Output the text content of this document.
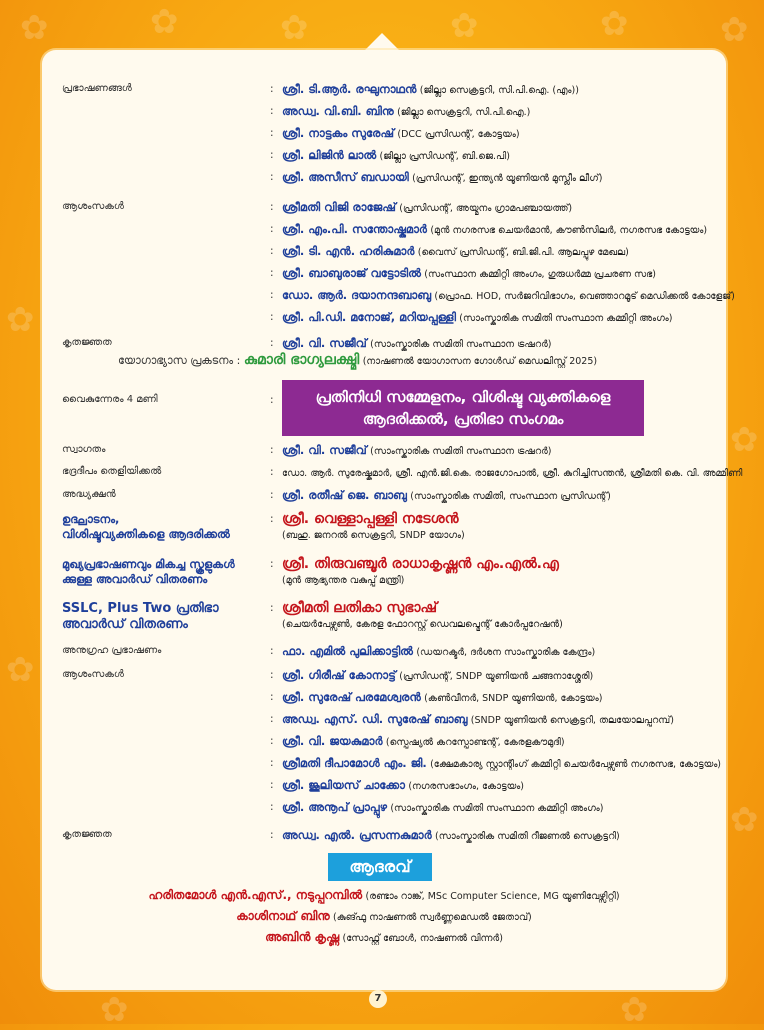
✿	✿	✿	✿	✿	✿
✿
✿
✿
✿
✿	✿
പ്രഭാഷണങ്ങൾ	: ശ്രീ. ടി.ആർ. രഘുനാഥൻ (ജില്ലാ സെക്രട്ടറി, സി.പി.ഐ. (എം))
: അഡ്വ. വി.ബി. ബിനു (ജില്ലാ സെക്രട്ടറി, സി.പി.ഐ.)
: ശ്രീ. നാട്ടകം സുരേഷ് (DCC പ്രസിഡന്റ്, കോട്ടയം)
: ശ്രീ. ലിജിൻ ലാൽ (ജില്ലാ പ്രസിഡന്റ്, ബി.ജെ.പി)
: ശ്രീ. അസീസ് ബഡായി (പ്രസിഡന്റ്, ഇന്ത്യൻ യൂണിയൻ മുസ്ലീം ലീഗ്)
ആശംസകൾ	: ശ്രീമതി വിജി രാജേഷ് (പ്രസിഡന്റ്, അയ്മനം ഗ്രാമപഞ്ചായത്ത്)
: ശ്രീ. എം.പി. സന്തോഷ്കുമാർ (മുൻ നഗരസഭ ചെയർമാൻ, കൗൺസിലർ, നഗരസഭ കോട്ടയം)
: ശ്രീ. ടി. എൻ. ഹരികുമാർ (വൈസ് പ്രസിഡന്റ്, ബി.ജി.പി. ആലപ്പുഴ മേഖല)
: ശ്രീ. ബാബുരാജ് വട്ടോടിൽ (സംസ്ഥാന കമ്മിറ്റി അംഗം, ഗുരുധർമ്മ പ്രചരണ സഭ)
: ഡോ. ആർ. ദയാനന്ദബാബു (പ്രൊഫ. HOD, സർജറിവിഭാഗം, വെഞ്ഞാറമൂട് മെഡിക്കൽ കോളേജ്)
: ശ്രീ. പി.ഡി. മനോജ്, മറിയപ്പള്ളി (സാംസ്കാരിക സമിതി സംസ്ഥാന കമ്മിറ്റി അംഗം)
കൃതജ്ഞത	: ശ്രീ. വി. സജീവ് (സാംസ്കാരിക സമിതി സംസ്ഥാന ട്രഷറർ)
യോഗാഭ്യാസ പ്രകടനം : കുമാരി ഭാഗ്യലക്ഷ്മി (നാഷണൽ യോഗാസന ഗോൾഡ് മെഡലിസ്റ്റ് 2025)
വൈകുന്നേരം 4 മണി	:	പ്രതിനിധി സമ്മേളനം, വിശിഷ്ട വ്യക്തികളെ
ആദരിക്കൽ, പ്രതിഭാ സംഗമം
സ്വാഗതം	: ശ്രീ. വി. സജീവ് (സാംസ്കാരിക സമിതി സംസ്ഥാന ട്രഷറർ)
ഭദ്രദീപം തെളിയിക്കൽ	: ഡോ. ആർ. സുരേഷ്കുമാർ, ശ്രീ. എൻ.ജി.കെ. രാജഗോപാൽ, ശ്രീ. കുറിച്ചിസന്തൻ, ശ്രീമതി കെ. വി. അമ്മിണി
അദ്ധ്യക്ഷൻ	: ശ്രീ. രതീഷ് ജെ. ബാബു (സാംസ്കാരിക സമിതി, സംസ്ഥാന പ്രസിഡന്റ്)
ഉദ്ഘാടനം,
വിശിഷ്ടവ്യക്തികളെ ആദരിക്കൽ
: ശ്രീ. വെള്ളാപ്പള്ളി നടേശൻ
(ബഹു. ജനറൽ സെക്രട്ടറി, SNDP യോഗം)
മുഖ്യപ്രഭാഷണവും മികച്ച സ്കൂളുകൾ
ക്കുള്ള അവാർഡ് വിതരണം
: ശ്രീ. തിരുവഞ്ചൂർ രാധാകൃഷ്ണൻ എം.എൽ.എ
(മുൻ ആഭ്യന്തര വകുപ്പ് മന്ത്രി)
SSLC, Plus Two പ്രതിഭാ
അവാർഡ് വിതരണം
: ശ്രീമതി ലതികാ സുഭാഷ്
(ചെയർപേഴ്സൺ, കേരള ഫോറസ്റ്റ് ഡെവലപ്മെന്റ് കോർപ്പറേഷൻ)
അനുഗ്രഹ പ്രഭാഷണം	: ഫാ. എമിൽ പുലിക്കാട്ടിൽ (ഡയറക്ടർ, ദർശന സാംസ്കാരിക കേന്ദ്രം)
ആശംസകൾ	: ശ്രീ. ഗിരീഷ് കോനാട്ട് (പ്രസിഡന്റ്, SNDP യൂണിയൻ ചങ്ങനാശ്ശേരി)
: ശ്രീ. സുരേഷ് പരമേശ്വരൻ (കൺവീനർ, SNDP യൂണിയൻ, കോട്ടയം)
: അഡ്വ. എസ്. ഡി. സുരേഷ് ബാബു (SNDP യൂണിയൻ സെക്രട്ടറി, തലയോലപ്പറമ്പ്)
: ശ്രീ. വി. ജയകുമാർ (സ്പെഷ്യൽ കറസ്പോണ്ടന്റ്, കേരളകൗമുദി)
: ശ്രീമതി ദീപാമോൾ എം. ജി. (ക്ഷേമകാര്യ സ്റ്റാന്റിംഗ് കമ്മിറ്റി ചെയർപേഴ്സൺ നഗരസഭ, കോട്ടയം)
: ശ്രീ. ജൂലിയസ് ചാക്കോ (നഗരസഭാംഗം, കോട്ടയം)
: ശ്രീ. അനൂപ് പ്രാപ്പുഴ (സാംസ്കാരിക സമിതി സംസ്ഥാന കമ്മിറ്റി അംഗം)
കൃതജ്ഞത	: അഡ്വ. എൽ. പ്രസന്നകുമാർ (സാംസ്കാരിക സമിതി റീജണൽ സെക്രട്ടറി)
ആദരവ്
ഹരിതമോൾ എൻ.എസ്., നടുപ്പറമ്പിൽ (രണ്ടാം റാങ്ക്, MSc Computer Science, MG യൂണിവേഴ്സിറ്റി)
കാശിനാഥ് ബിനു (കുങ്ഫു നാഷണൽ സ്വർണ്ണമെഡൽ ജേതാവ്)
അബിൻ കൃഷ്ണ (സോഫ്റ്റ് ബോൾ, നാഷണൽ വിന്നർ)
7
